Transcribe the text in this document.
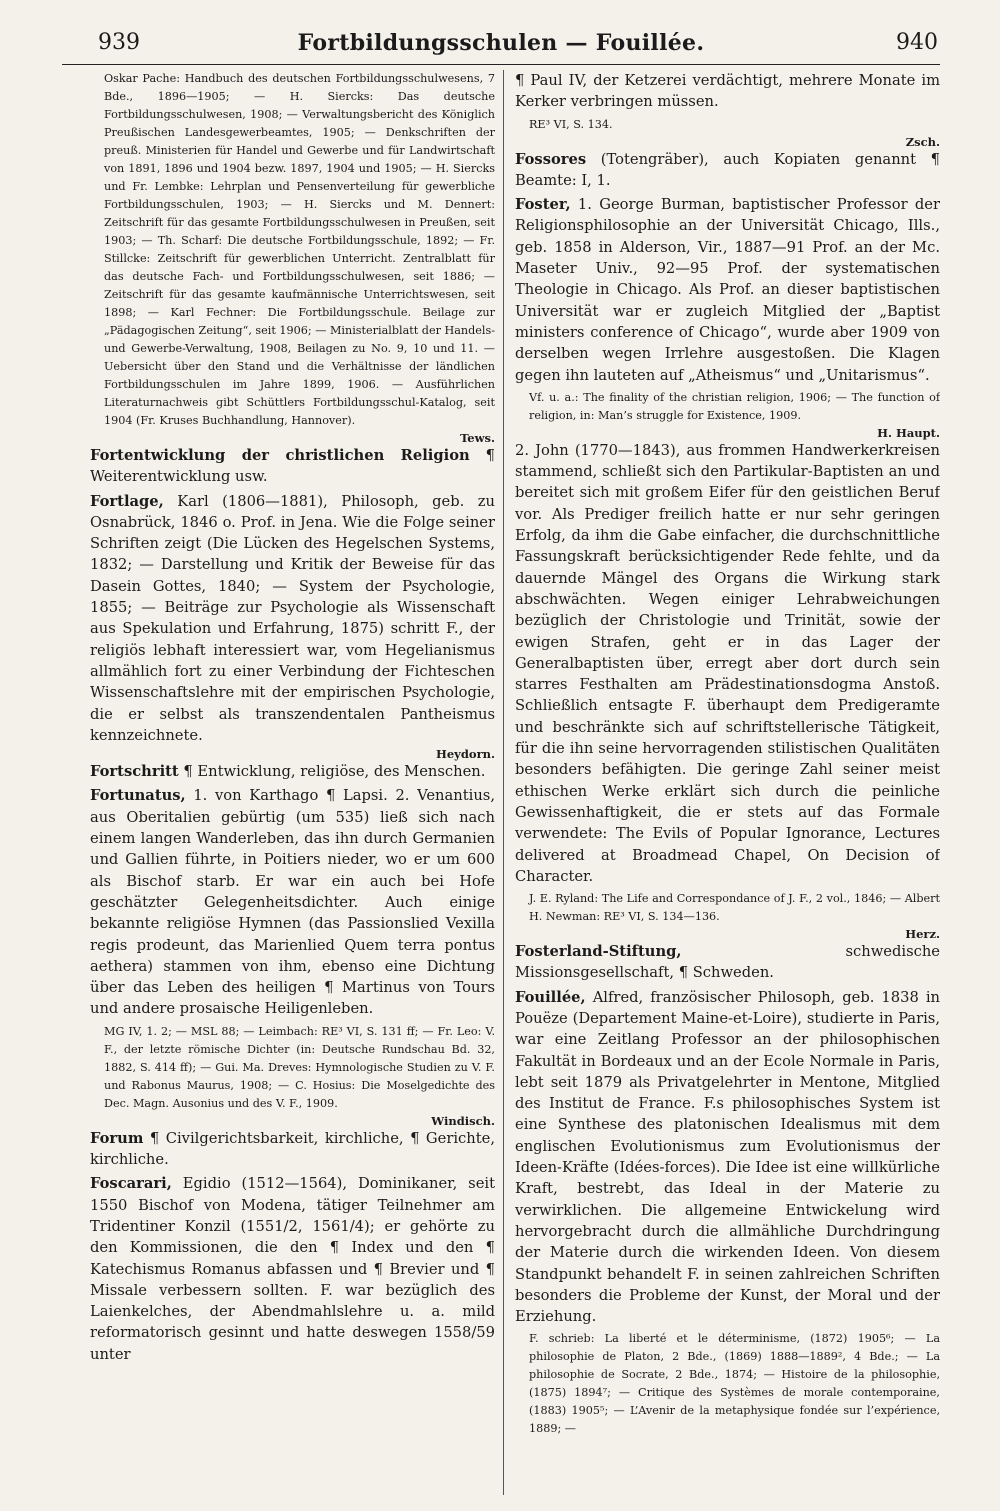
939	Fortbildungsschulen — Fouillée.	940

Oskar Pache: Handbuch des deutschen Fortbildungsschulwesens, 7 Bde., 1896—1905; — H. Siercks: Das deutsche Fortbildungsschulwesen, 1908; — Verwaltungsbericht des Königlich Preußischen Landesgewerbeamtes, 1905; — Denkschriften der preuß. Ministerien für Handel und Gewerbe und für Landwirtschaft von 1891, 1896 und 1904 bezw. 1897, 1904 und 1905; — H. Siercks und Fr. Lembke: Lehrplan und Pensenverteilung für gewerbliche Fortbildungsschulen, 1903; — H. Siercks und M. Dennert: Zeitschrift für das gesamte Fortbildungsschulwesen in Preußen, seit 1903; — Th. Scharf: Die deutsche Fortbildungsschule, 1892; — Fr. Stillcke: Zeitschrift für gewerblichen Unterricht. Zentralblatt für das deutsche Fach- und Fortbildungsschulwesen, seit 1886; — Zeitschrift für das gesamte kaufmännische Unterrichtswesen, seit 1898; — Karl Fechner: Die Fortbildungsschule. Beilage zur „Pädagogischen Zeitung“, seit 1906; — Ministerialblatt der Handels- und Gewerbe-Verwaltung, 1908, Beilagen zu No. 9, 10 und 11. — Uebersicht über den Stand und die Verhältnisse der ländlichen Fortbildungsschulen im Jahre 1899, 1906. — Ausführlichen Literaturnachweis gibt Schüttlers Fortbildungsschul-Katalog, seit 1904 (Fr. Kruses Buchhandlung, Hannover).

Tews.

Fortentwicklung der christlichen Religion ¶ Weiterentwicklung usw.

Fortlage, Karl (1806—1881), Philosoph, geb. zu Osnabrück, 1846 o. Prof. in Jena. Wie die Folge seiner Schriften zeigt (Die Lücken des Hegelschen Systems, 1832; — Darstellung und Kritik der Beweise für das Dasein Gottes, 1840; — System der Psychologie, 1855; — Beiträge zur Psychologie als Wissenschaft aus Spekulation und Erfahrung, 1875) schritt F., der religiös lebhaft interessiert war, vom Hegelianismus allmählich fort zu einer Verbindung der Fichteschen Wissenschaftslehre mit der empirischen Psychologie, die er selbst als transzendentalen Pantheismus kennzeichnete.

Heydorn.

Fortschritt ¶ Entwicklung, religiöse, des Menschen.

Fortunatus, 1. von Karthago ¶ Lapsi. 2. Venantius, aus Oberitalien gebürtig (um 535) ließ sich nach einem langen Wanderleben, das ihn durch Germanien und Gallien führte, in Poitiers nieder, wo er um 600 als Bischof starb. Er war ein auch bei Hofe geschätzter Gelegenheitsdichter. Auch einige bekannte religiöse Hymnen (das Passionslied Vexilla regis prodeunt, das Marienlied Quem terra pontus aethera) stammen von ihm, ebenso eine Dichtung über das Leben des heiligen ¶ Martinus von Tours und andere prosaische Heiligenleben.

MG IV, 1. 2; — MSL 88; — Leimbach: RE³ VI, S. 131 ff; — Fr. Leo: V. F., der letzte römische Dichter (in: Deutsche Rundschau Bd. 32, 1882, S. 414 ff); — Gui. Ma. Dreves: Hymnologische Studien zu V. F. und Rabonus Maurus, 1908; — C. Hosius: Die Moselgedichte des Dec. Magn. Ausonius und des V. F., 1909.

Windisch.

Forum ¶ Civilgerichtsbarkeit, kirchliche, ¶ Gerichte, kirchliche.

Foscarari, Egidio (1512—1564), Dominikaner, seit 1550 Bischof von Modena, tätiger Teilnehmer am Tridentiner Konzil (1551/2, 1561/4); er gehörte zu den Kommissionen, die den ¶ Index und den ¶ Katechismus Romanus abfassen und ¶ Brevier und ¶ Missale verbessern sollten. F. war bezüglich des Laienkelches, der Abendmahlslehre u. a. mild reformatorisch gesinnt und hatte deswegen 1558/59 unter

¶ Paul IV, der Ketzerei verdächtigt, mehrere Monate im Kerker verbringen müssen.

RE³ VI, S. 134.

Zsch.

Fossores (Totengräber), auch Kopiaten genannt ¶ Beamte: I, 1.

Foster, 1. George Burman, baptistischer Professor der Religionsphilosophie an der Universität Chicago, Ills., geb. 1858 in Alderson, Vir., 1887—91 Prof. an der Mc. Maseter Univ., 92—95 Prof. der systematischen Theologie in Chicago. Als Prof. an dieser baptistischen Universität war er zugleich Mitglied der „Baptist ministers conference of Chicago“, wurde aber 1909 von derselben wegen Irrlehre ausgestoßen. Die Klagen gegen ihn lauteten auf „Atheismus“ und „Unitarismus“.

Vf. u. a.: The finality of the christian religion, 1906; — The function of religion, in: Man’s struggle for Existence, 1909.

H. Haupt.

2. John (1770—1843), aus frommen Handwerkerkreisen stammend, schließt sich den Partikular-Baptisten an und bereitet sich mit großem Eifer für den geistlichen Beruf vor. Als Prediger freilich hatte er nur sehr geringen Erfolg, da ihm die Gabe einfacher, die durchschnittliche Fassungskraft berücksichtigender Rede fehlte, und da dauernde Mängel des Organs die Wirkung stark abschwächten. Wegen einiger Lehrabweichungen bezüglich der Christologie und Trinität, sowie der ewigen Strafen, geht er in das Lager der Generalbaptisten über, erregt aber dort durch sein starres Festhalten am Prädestinationsdogma Anstoß. Schließlich entsagte F. überhaupt dem Predigeramte und beschränkte sich auf schriftstellerische Tätigkeit, für die ihn seine hervorragenden stilistischen Qualitäten besonders befähigten. Die geringe Zahl seiner meist ethischen Werke erklärt sich durch die peinliche Gewissenhaftigkeit, die er stets auf das Formale verwendete: The Evils of Popular Ignorance, Lectures delivered at Broadmead Chapel, On Decision of Character.

J. E. Ryland: The Life and Correspondance of J. F., 2 vol., 1846; — Albert H. Newman: RE³ VI, S. 134—136.

Herz.

Fosterland-Stiftung,	schwedische Missionsgesellschaft, ¶ Schweden.

Fouillée, Alfred, französischer Philosoph, geb. 1838 in Pouëze (Departement Maine-et-Loire), studierte in Paris, war eine Zeitlang Professor an der philosophischen Fakultät in Bordeaux und an der Ecole Normale in Paris, lebt seit 1879 als Privatgelehrter in Mentone, Mitglied des Institut de France. F.s philosophisches System ist eine Synthese des platonischen Idealismus mit dem englischen Evolutionismus zum Evolutionismus der Ideen-Kräfte (Idées-forces). Die Idee ist eine willkürliche Kraft, bestrebt, das Ideal in der Materie zu verwirklichen. Die allgemeine Entwickelung wird hervorgebracht durch die allmähliche Durchdringung der Materie durch die wirkenden Ideen. Von diesem Standpunkt behandelt F. in seinen zahlreichen Schriften besonders die Probleme der Kunst, der Moral und der Erziehung.

F. schrieb: La liberté et le déterminisme, (1872) 1905⁶; — La philosophie de Platon, 2 Bde., (1869) 1888—1889², 4 Bde.; — La philosophie de Socrate, 2 Bde., 1874; — Histoire de la philosophie, (1875) 1894⁷; — Critique des Systèmes de morale contemporaine, (1883) 1905⁵; — L’Avenir de la metaphysique fondée sur l’expérience, 1889; —
